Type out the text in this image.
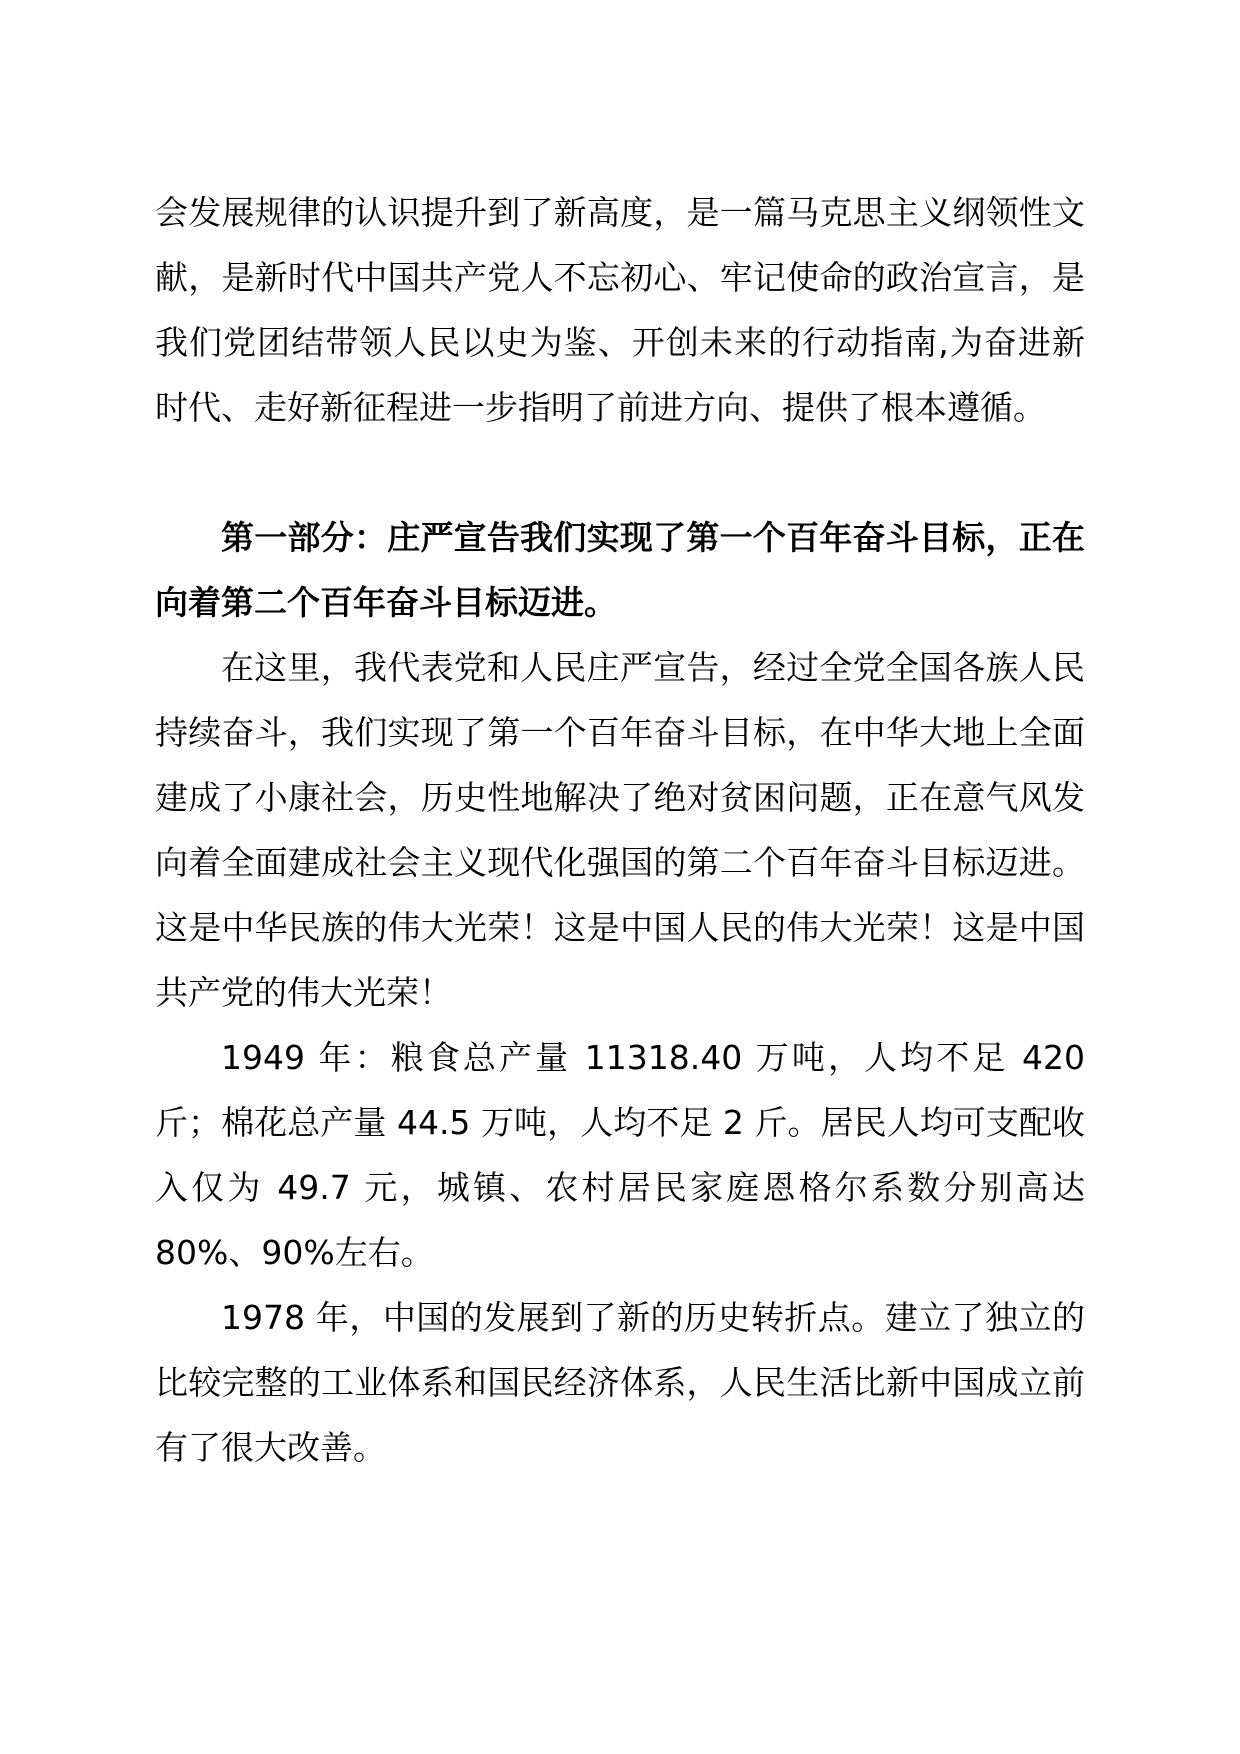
会发展规律的认识提升到了新高度，是一篇马克思主义纲领性文献，是新时代中国共产党人不忘初心、牢记使命的政治宣言，是我们党团结带领人民以史为鉴、开创未来的行动指南,为奋进新时代、走好新征程进一步指明了前进方向、提供了根本遵循。

第一部分：庄严宣告我们实现了第一个百年奋斗目标，正在向着第二个百年奋斗目标迈进。

在这里，我代表党和人民庄严宣告，经过全党全国各族人民持续奋斗，我们实现了第一个百年奋斗目标，在中华大地上全面建成了小康社会，历史性地解决了绝对贫困问题，正在意气风发向着全面建成社会主义现代化强国的第二个百年奋斗目标迈进。这是中华民族的伟大光荣！这是中国人民的伟大光荣！这是中国共产党的伟大光荣！

1949 年：粮食总产量 11318.40 万吨，人均不足 420 斤；棉花总产量 44.5 万吨，人均不足 2 斤。居民人均可支配收入仅为 49.7 元，城镇、农村居民家庭恩格尔系数分别高达 80%、90%左右。

1978 年，中国的发展到了新的历史转折点。建立了独立的比较完整的工业体系和国民经济体系，人民生活比新中国成立前有了很大改善。
